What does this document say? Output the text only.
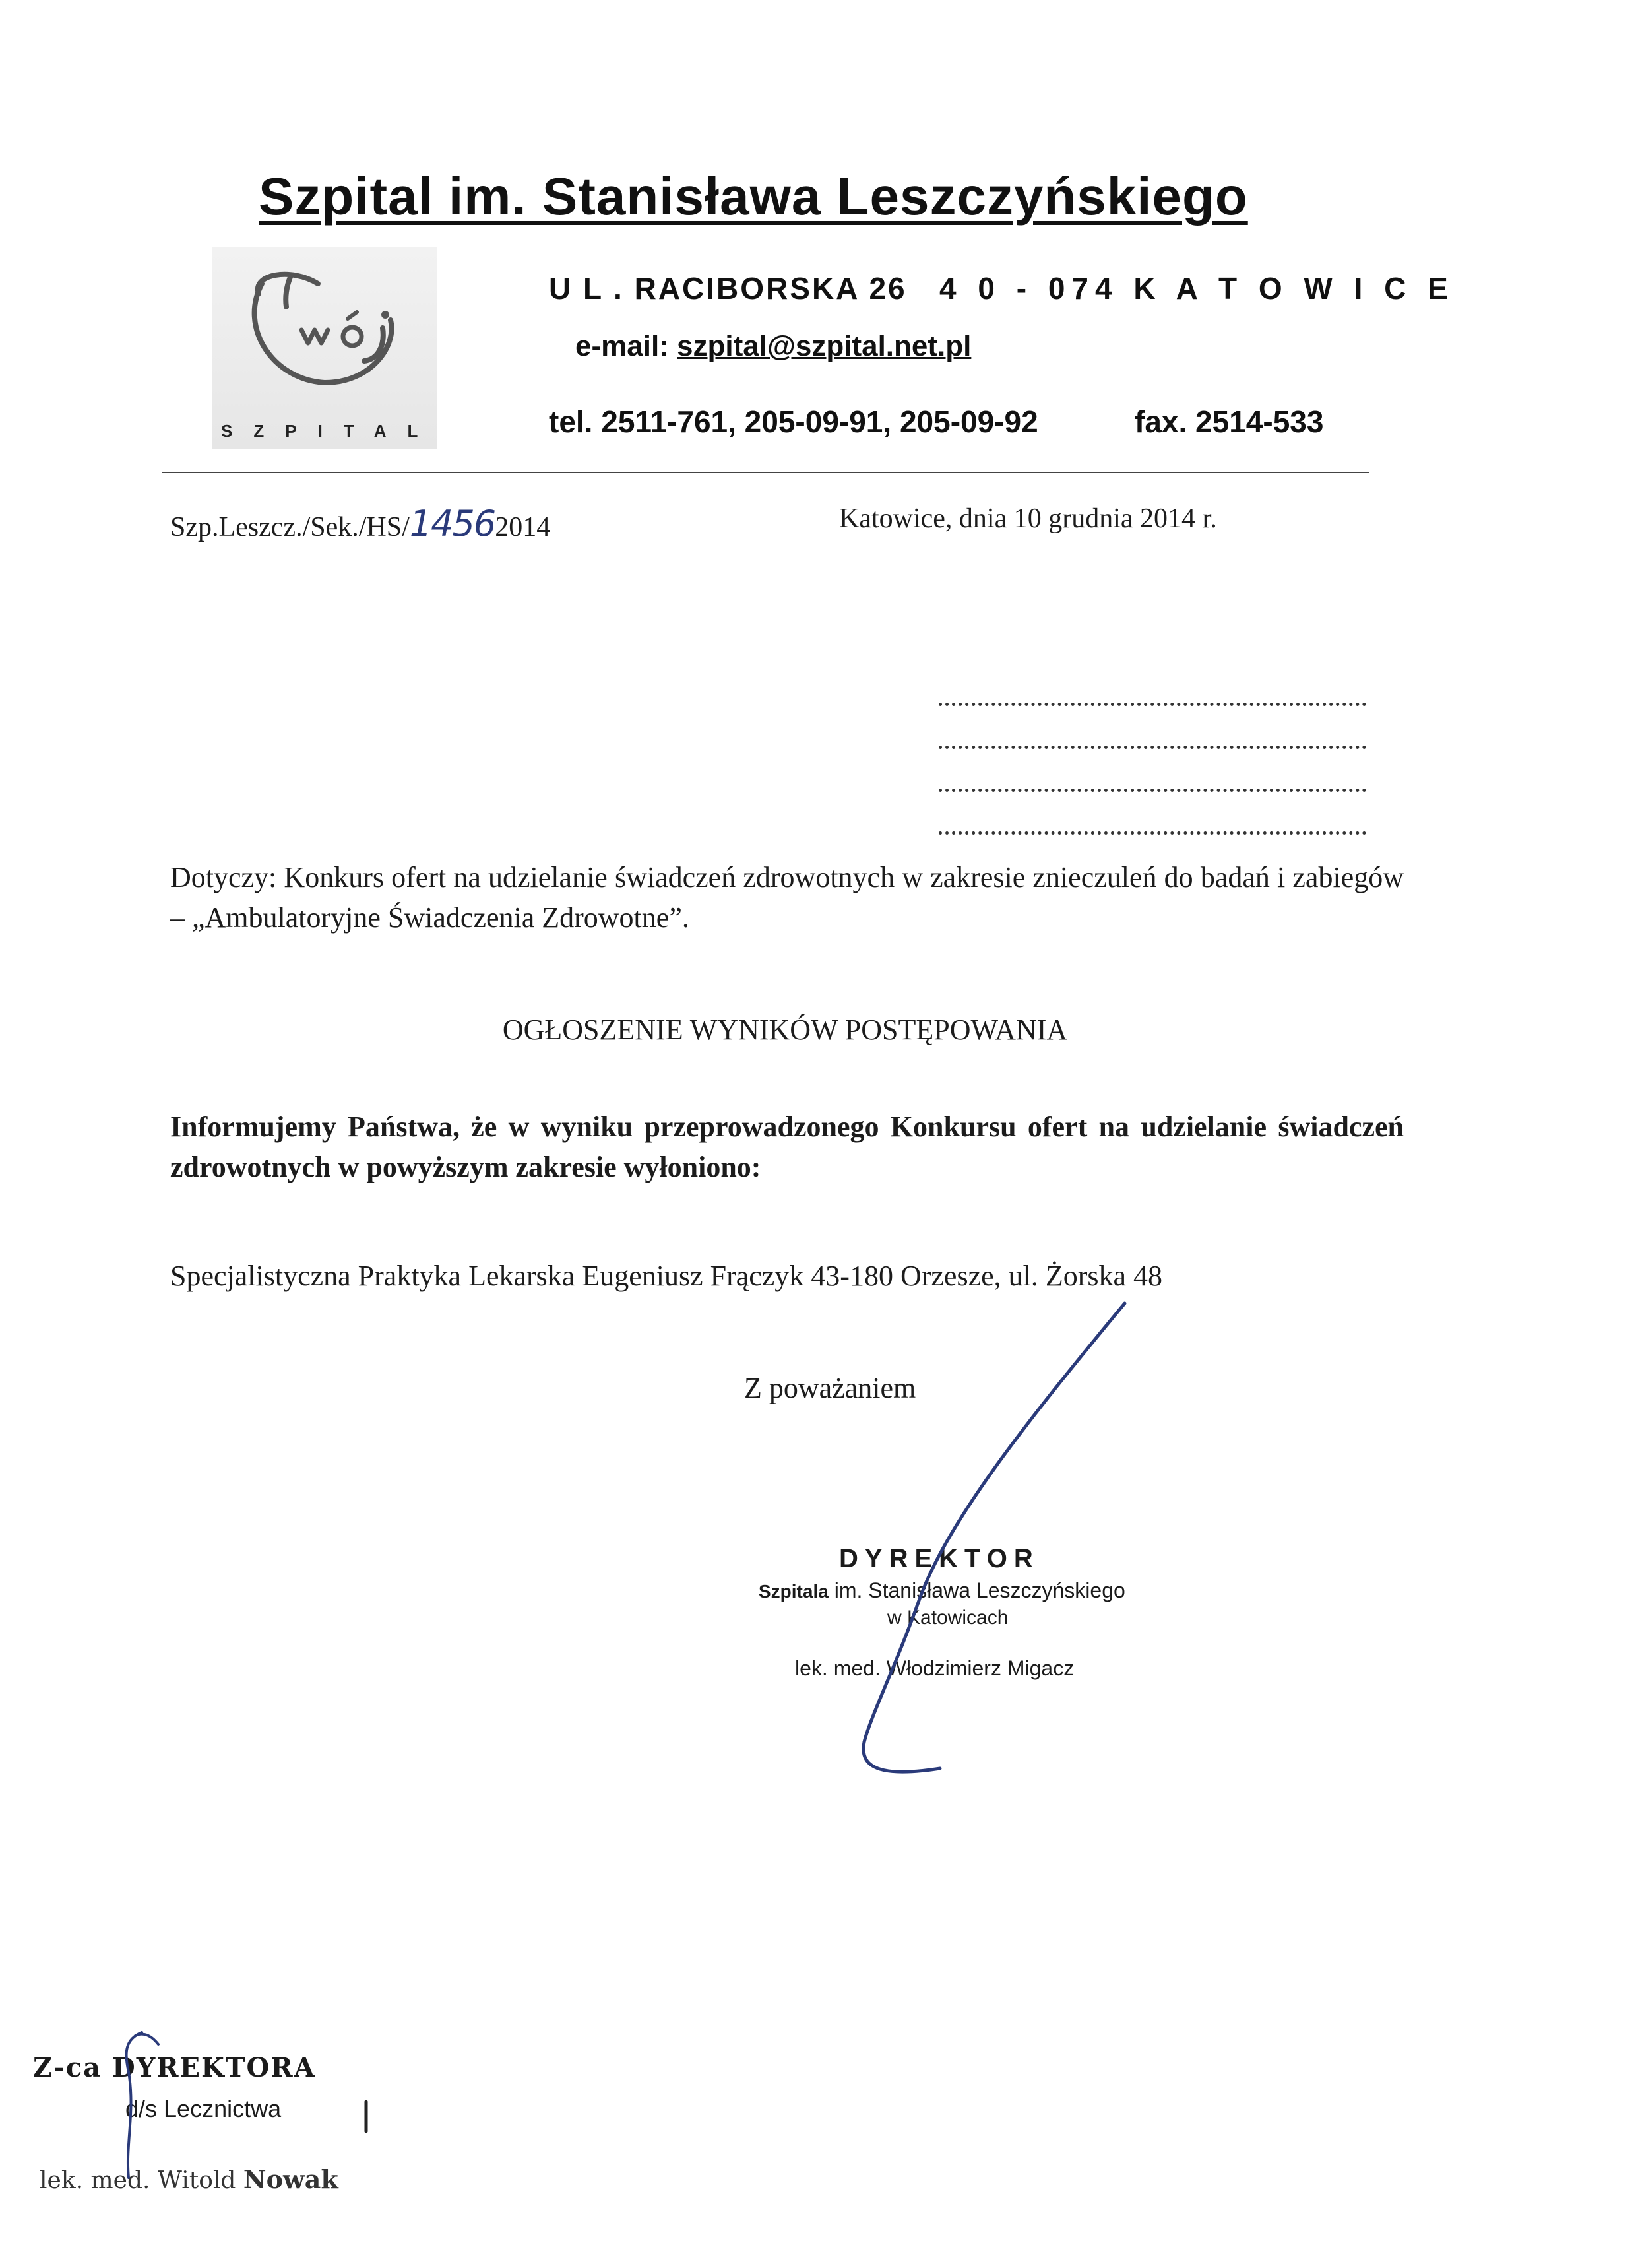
Szpital im. Stanisława Leszczyńskiego
SZPITAL
U L . RACIBORSKA 26 4 0 - 074 K A T O W I C E
e-mail: szpital@szpital.net.pl
tel. 2511-761, 205-09-91, 205-09-92	fax. 2514-533
Szp.Leszcz./Sek./HS/14562014	Katowice, dnia 10 grudnia 2014 r.
Dotyczy: Konkurs ofert na udzielanie świadczeń zdrowotnych w zakresie znieczuleń do badań i zabiegów – „Ambulatoryjne Świadczenia Zdrowotne”.
OGŁOSZENIE WYNIKÓW POSTĘPOWANIA
Informujemy Państwa, że w wyniku przeprowadzonego Konkursu ofert na udzielanie świadczeń zdrowotnych w powyższym zakresie wyłoniono:
Specjalistyczna Praktyka Lekarska Eugeniusz Frączyk 43-180 Orzesze, ul. Żorska 48
Z poważaniem
DYREKTOR
Szpitala im. Stanisława Leszczyńskiego
w Katowicach
lek. med. Włodzimierz Migacz
Z-ca DYREKTORA
d/s Lecznictwa
lek. med. Witold Nowak
